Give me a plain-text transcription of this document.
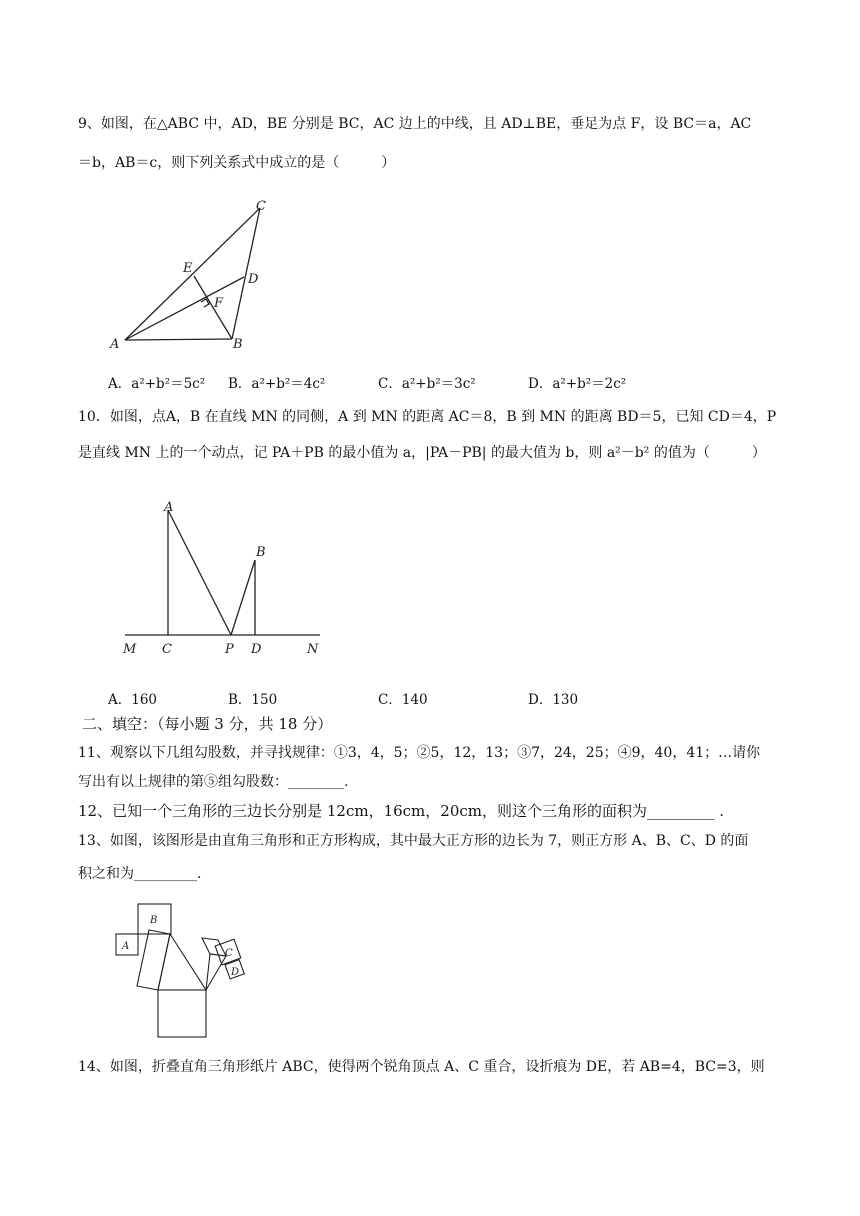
9、如图，在△ABC 中，AD，BE 分别是 BC，AC 边上的中线，且 AD⊥BE，垂足为点 F，设 BC＝a，AC
＝b，AB＝c，则下列关系式中成立的是（　　　）
A	B
C
D
E
F
A．a²+b²＝5c² B．a²+b²＝4c²	C．a²+b²＝3c²	D．a²+b²＝2c²
10．如图，点A，B 在直线 MN 的同侧，A 到 MN 的距离 AC＝8，B 到 MN 的距离 BD＝5，已知 CD＝4，P
是直线 MN 上的一个动点，记 PA＋PB 的最小值为 a，|PA－PB| 的最大值为 b，则 a²－b² 的值为（　　　）
A
B
M C	P D	N
A．160	B．150	C．140	D．130
二、填空：（每小题 3 分，共 18 分）
11、观察以下几组勾股数，并寻找规律：①3，4，5；②5，12，13；③7，24，25；④9，40，41；…请你
写出有以上规律的第⑤组勾股数：________.
12、已知一个三角形的三边长分别是 12cm，16cm，20cm，则这个三角形的面积为_________ .
13、如图，该图形是由直角三角形和正方形构成，其中最大正方形的边长为 7，则正方形 A、B、C、D 的面
积之和为_________.
B
A
C
D
14、如图，折叠直角三角形纸片 ABC，使得两个锐角顶点 A、C 重合，设折痕为 DE，若 AB=4，BC=3，则
